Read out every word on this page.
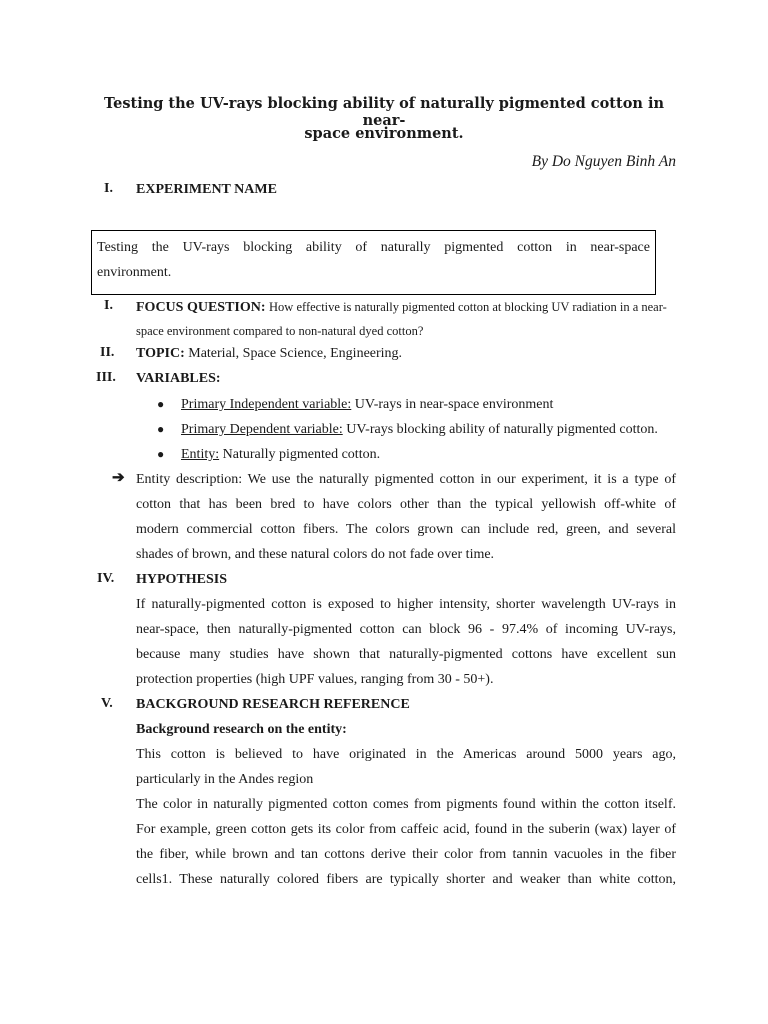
Testing the UV-rays blocking ability of naturally pigmented cotton in near-
space environment.
By Do Nguyen Binh An
I. EXPERIMENT NAME
Testing the UV-rays blocking ability of naturally pigmented cotton in near-space
environment.
I. FOCUS QUESTION: How effective is naturally pigmented cotton at blocking UV radiation in a near-
space environment compared to non-natural dyed cotton?
II. TOPIC: Material, Space Science, Engineering.
III. VARIABLES:
● Primary Independent variable: UV-rays in near-space environment
● Primary Dependent variable: UV-rays blocking ability of naturally pigmented cotton.
● Entity: Naturally pigmented cotton.
➔ Entity description: We use the naturally pigmented cotton in our experiment, it is a type of
cotton that has been bred to have colors other than the typical yellowish off-white of
modern commercial cotton fibers. The colors grown can include red, green, and several
shades of brown, and these natural colors do not fade over time.
IV. HYPOTHESIS
If naturally-pigmented cotton is exposed to higher intensity, shorter wavelength UV-rays in
near-space, then naturally-pigmented cotton can block 96 - 97.4% of incoming UV-rays,
because many studies have shown that naturally-pigmented cottons have excellent sun
protection properties (high UPF values, ranging from 30 - 50+).
V. BACKGROUND RESEARCH REFERENCE
Background research on the entity:
This cotton is believed to have originated in the Americas around 5000 years ago,
particularly in the Andes region
The color in naturally pigmented cotton comes from pigments found within the cotton itself.
For example, green cotton gets its color from caffeic acid, found in the suberin (wax) layer of
the fiber, while brown and tan cottons derive their color from tannin vacuoles in the fiber
cells1. These naturally colored fibers are typically shorter and weaker than white cotton,
